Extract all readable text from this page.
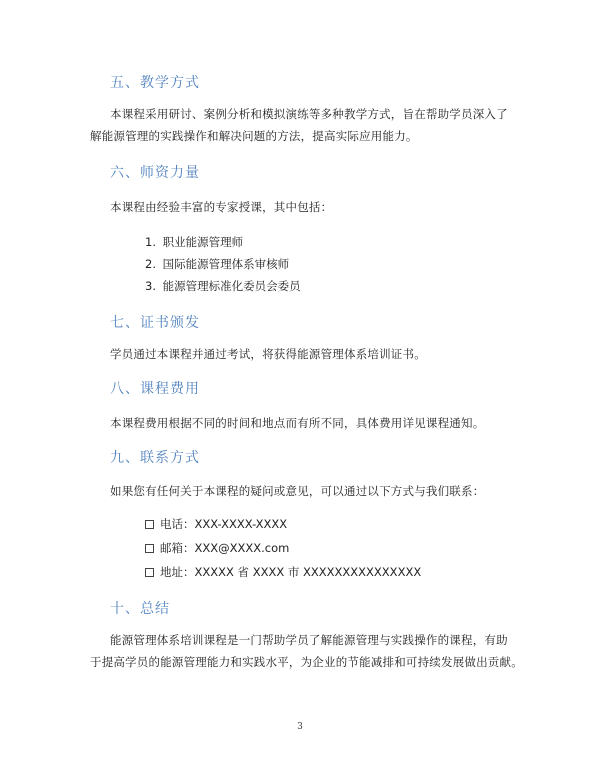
五、教学方式
本课程采用研讨、案例分析和模拟演练等多种教学方式，旨在帮助学员深入了
解能源管理的实践操作和解决问题的方法，提高实际应用能力。
六、师资力量
本课程由经验丰富的专家授课，其中包括：
1. 职业能源管理师
2. 国际能源管理体系审核师
3. 能源管理标准化委员会委员
七、证书颁发
学员通过本课程并通过考试，将获得能源管理体系培训证书。
八、课程费用
本课程费用根据不同的时间和地点而有所不同，具体费用详见课程通知。
九、联系方式
如果您有任何关于本课程的疑问或意见，可以通过以下方式与我们联系：
电话：XXX-XXXX-XXXX
邮箱：XXX@XXXX.com
地址：XXXXX 省 XXXX 市 XXXXXXXXXXXXXXX
十、总结
能源管理体系培训课程是一门帮助学员了解能源管理与实践操作的课程，有助
于提高学员的能源管理能力和实践水平，为企业的节能减排和可持续发展做出贡献。
3
